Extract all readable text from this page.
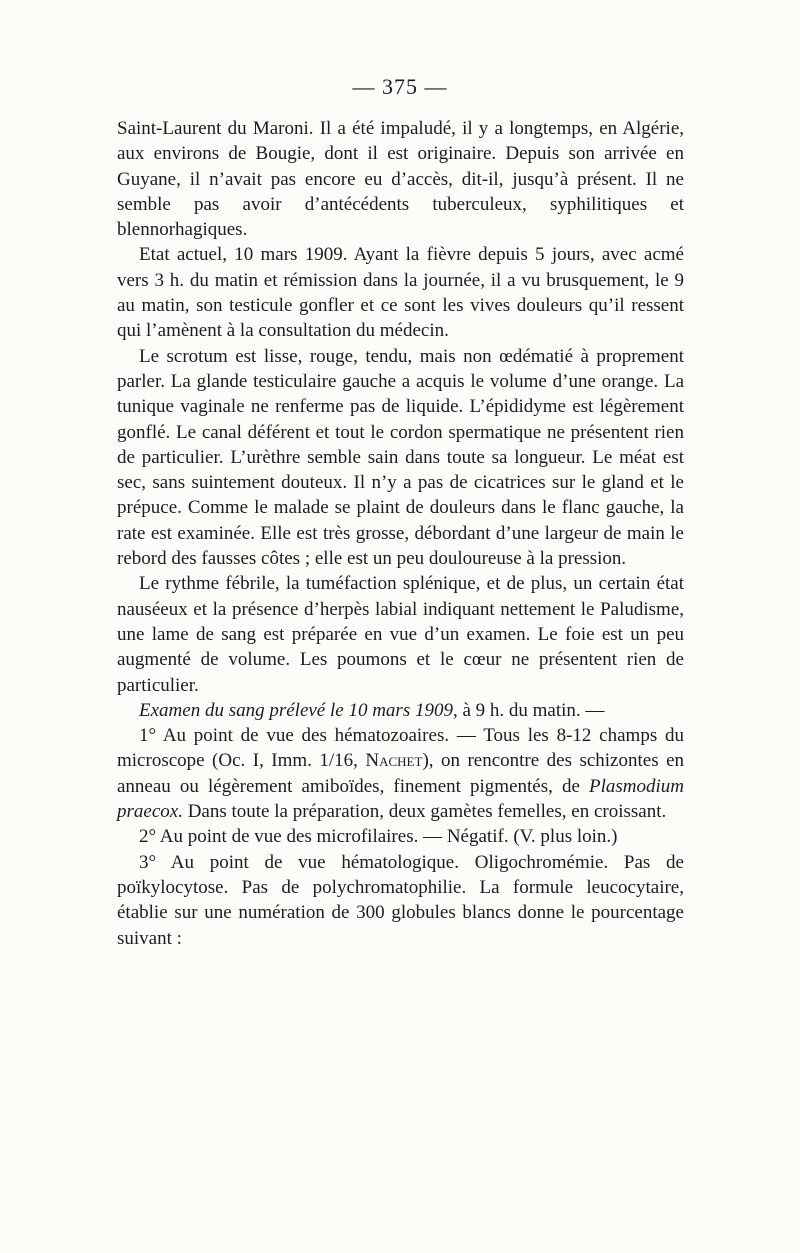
— 375 —

Saint-Laurent du Maroni. Il a été impaludé, il y a longtemps, en Algérie, aux environs de Bougie, dont il est originaire. Depuis son arrivée en Guyane, il n’avait pas encore eu d’accès, dit-il, jusqu’à présent. Il ne semble pas avoir d’antécédents tuberculeux, syphilitiques et blennorhagiques.

Etat actuel, 10 mars 1909. Ayant la fièvre depuis 5 jours, avec acmé vers 3 h. du matin et rémission dans la journée, il a vu brusquement, le 9 au matin, son testicule gonfler et ce sont les vives douleurs qu’il ressent qui l’amènent à la consultation du médecin.

Le scrotum est lisse, rouge, tendu, mais non œdématié à proprement parler. La glande testiculaire gauche a acquis le volume d’une orange. La tunique vaginale ne renferme pas de liquide. L’épididyme est légèrement gonflé. Le canal déférent et tout le cordon spermatique ne présentent rien de particulier. L’urèthre semble sain dans toute sa longueur. Le méat est sec, sans suintement douteux. Il n’y a pas de cicatrices sur le gland et le prépuce. Comme le malade se plaint de douleurs dans le flanc gauche, la rate est examinée. Elle est très grosse, débordant d’une largeur de main le rebord des fausses côtes ; elle est un peu douloureuse à la pression.

Le rythme fébrile, la tuméfaction splénique, et de plus, un certain état nauséeux et la présence d’herpès labial indiquant nettement le Paludisme, une lame de sang est préparée en vue d’un examen. Le foie est un peu augmenté de volume. Les poumons et le cœur ne présentent rien de particulier.

Examen du sang prélevé le 10 mars 1909, à 9 h. du matin. —

1° Au point de vue des hématozoaires. — Tous les 8-12 champs du microscope (Oc. I, Imm. 1/16, Nachet), on rencontre des schizontes en anneau ou légèrement amiboïdes, finement pigmentés, de Plasmodium praecox. Dans toute la préparation, deux gamètes femelles, en croissant.

2° Au point de vue des microfilaires. — Négatif. (V. plus loin.)

3° Au point de vue hématologique. Oligochromémie. Pas de poïkylocytose. Pas de polychromatophilie. La formule leucocytaire, établie sur une numération de 300 globules blancs donne le pourcentage suivant :
